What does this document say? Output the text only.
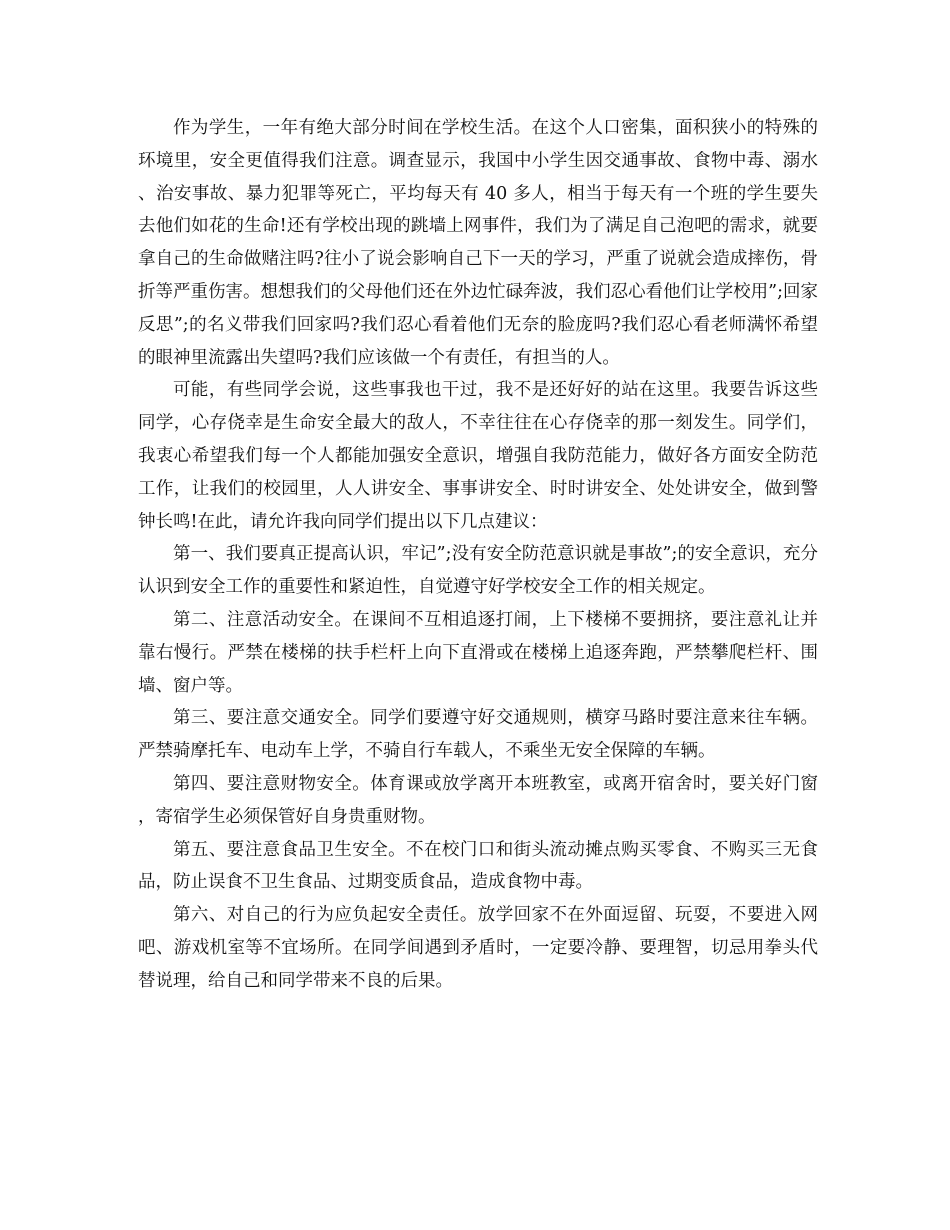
作为学生，一年有绝大部分时间在学校生活。在这个人口密集，面积狭小的特殊的环境里，安全更值得我们注意。调查显示，我国中小学生因交通事故、食物中毒、溺水、治安事故、暴力犯罪等死亡，平均每天有 40 多人，相当于每天有一个班的学生要失去他们如花的生命!还有学校出现的跳墙上网事件，我们为了满足自己泡吧的需求，就要拿自己的生命做赌注吗?往小了说会影响自己下一天的学习，严重了说就会造成摔伤，骨折等严重伤害。想想我们的父母他们还在外边忙碌奔波，我们忍心看他们让学校用”;回家反思”;的名义带我们回家吗?我们忍心看着他们无奈的脸庞吗?我们忍心看老师满怀希望的眼神里流露出失望吗?我们应该做一个有责任，有担当的人。

可能，有些同学会说，这些事我也干过，我不是还好好的站在这里。我要告诉这些同学，心存侥幸是生命安全最大的敌人，不幸往往在心存侥幸的那一刻发生。同学们，我衷心希望我们每一个人都能加强安全意识，增强自我防范能力，做好各方面安全防范工作，让我们的校园里，人人讲安全、事事讲安全、时时讲安全、处处讲安全，做到警钟长鸣!在此，请允许我向同学们提出以下几点建议：

第一、我们要真正提高认识，牢记”;没有安全防范意识就是事故”;的安全意识，充分认识到安全工作的重要性和紧迫性，自觉遵守好学校安全工作的相关规定。

第二、注意活动安全。在课间不互相追逐打闹，上下楼梯不要拥挤，要注意礼让并靠右慢行。严禁在楼梯的扶手栏杆上向下直滑或在楼梯上追逐奔跑，严禁攀爬栏杆、围墙、窗户等。

第三、要注意交通安全。同学们要遵守好交通规则，横穿马路时要注意来往车辆。严禁骑摩托车、电动车上学，不骑自行车载人，不乘坐无安全保障的车辆。

第四、要注意财物安全。体育课或放学离开本班教室，或离开宿舍时，要关好门窗，寄宿学生必须保管好自身贵重财物。

第五、要注意食品卫生安全。不在校门口和街头流动摊点购买零食、不购买三无食品，防止误食不卫生食品、过期变质食品，造成食物中毒。

第六、对自己的行为应负起安全责任。放学回家不在外面逗留、玩耍，不要进入网吧、游戏机室等不宜场所。在同学间遇到矛盾时，一定要冷静、要理智，切忌用拳头代替说理，给自己和同学带来不良的后果。
